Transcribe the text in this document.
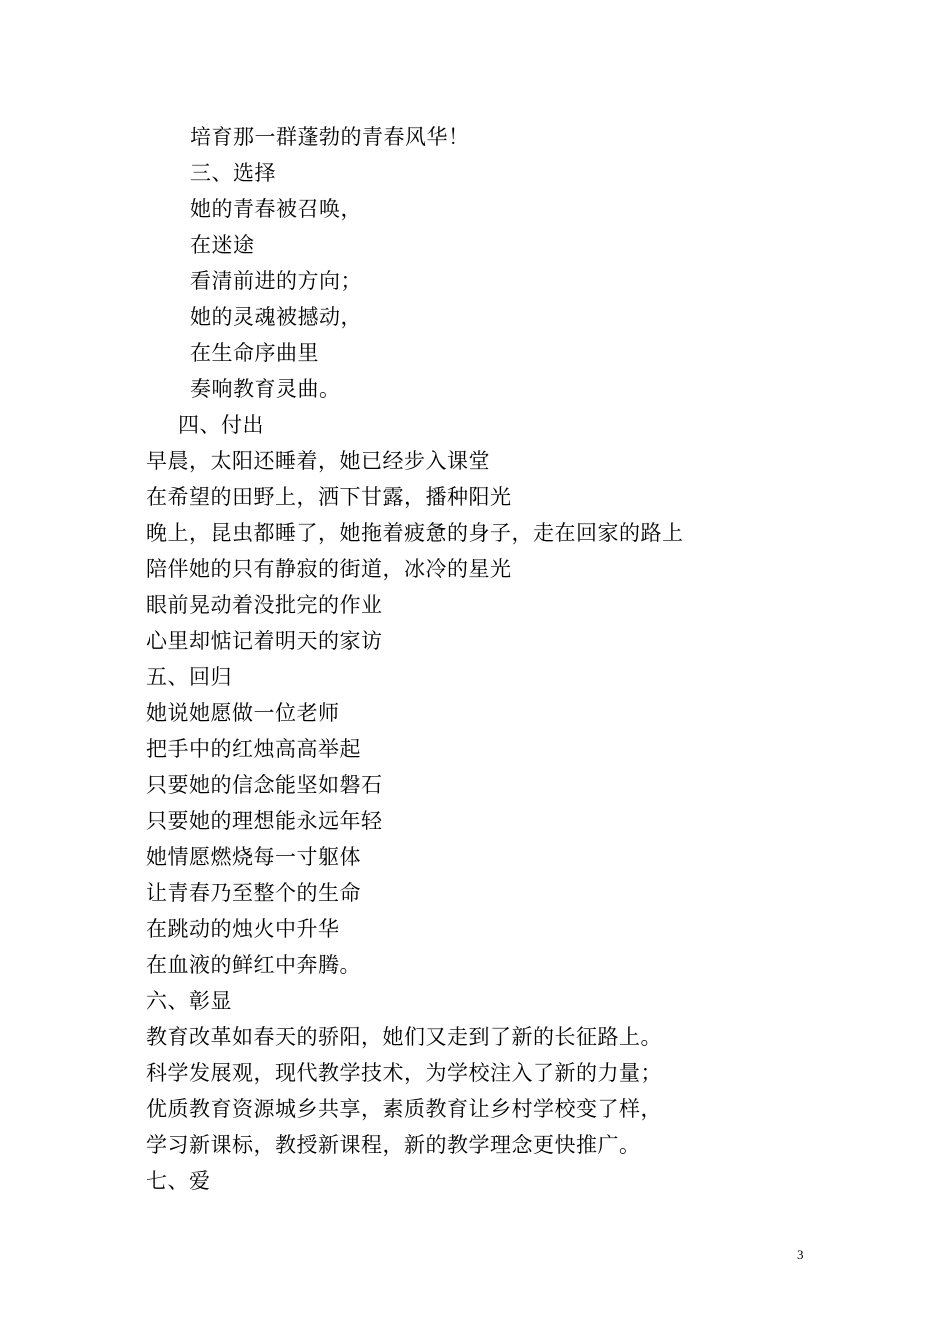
培育那一群蓬勃的青春风华！
三、选择
她的青春被召唤，
在迷途
看清前进的方向；
她的灵魂被撼动，
在生命序曲里
奏响教育灵曲。
四、付出
早晨，太阳还睡着，她已经步入课堂
在希望的田野上，洒下甘露，播种阳光
晚上，昆虫都睡了，她拖着疲惫的身子，走在回家的路上
陪伴她的只有静寂的街道，冰冷的星光
眼前晃动着没批完的作业
心里却惦记着明天的家访
五、回归
她说她愿做一位老师
把手中的红烛高高举起
只要她的信念能坚如磐石
只要她的理想能永远年轻
她情愿燃烧每一寸躯体
让青春乃至整个的生命
在跳动的烛火中升华
在血液的鲜红中奔腾。
六、彰显
教育改革如春天的骄阳，她们又走到了新的长征路上。
科学发展观，现代教学技术，为学校注入了新的力量；
优质教育资源城乡共享，素质教育让乡村学校变了样，
学习新课标，教授新课程，新的教学理念更快推广。
七、爱
3
